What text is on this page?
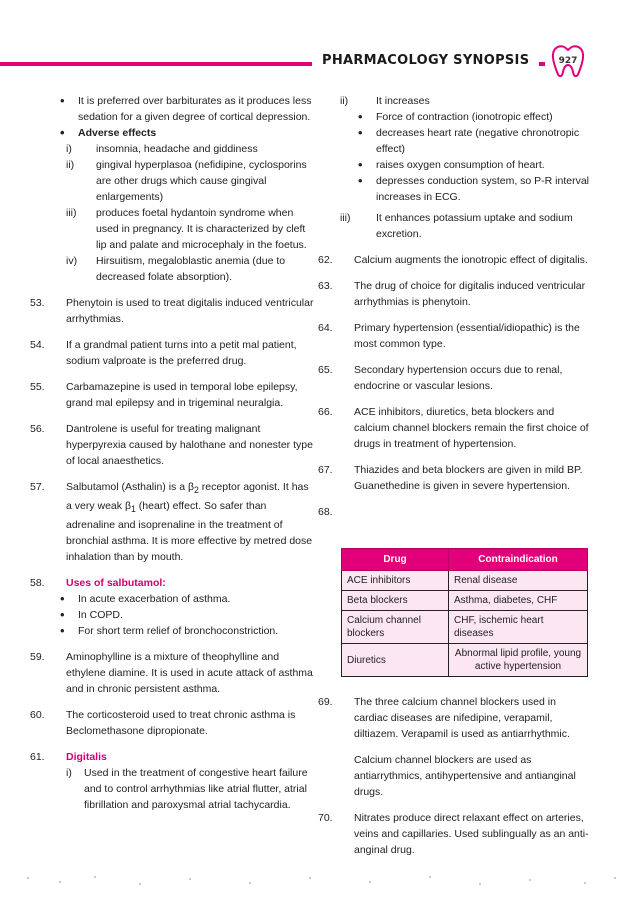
PHARMACOLOGY SYNOPSIS	927
• It is preferred over barbiturates as it produces less sedation for a given degree of cortical depression.
• Adverse effects
i) insomnia, headache and giddiness
ii) gingival hyperplasoa (nefidipine, cyclosporins are other drugs which cause gingival enlargements)
iii) produces foetal hydantoin syndrome when used in pregnancy. It is characterized by cleft lip and palate and microcephaly in the foetus.
iv) Hirsuitism, megaloblastic anemia (due to decreased folate absorption).
53.	Phenytoin is used to treat digitalis induced ventricular arrhythmias.
54.	If a grandmal patient turns into a petit mal patient, sodium valproate is the preferred drug.
55.	Carbamazepine is used in temporal lobe epilepsy, grand mal epilepsy and in trigeminal neuralgia.
56.	Dantrolene is useful for treating malignant hyperpyrexia caused by halothane and nonester type of local anaesthetics.
57.	Salbutamol (Asthalin) is a $\beta_2$ receptor agonist. It has a very weak $\beta_1$ (heart) effect. So safer than adrenaline and isoprenaline in the treatment of bronchial asthma. It is more effective by metred dose inhalation than by mouth.
58.	Uses of salbutamol:
• In acute exacerbation of asthma.
• In COPD.
• For short term relief of bronchoconstriction.
59.	Aminophylline is a mixture of theophylline and ethylene diamine. It is used in acute attack of asthma and in chronic persistent asthma.
60.	The corticosteroid used to treat chronic asthma is Beclomethasone dipropionate.
61.	Digitalis
i)	Used in the treatment of congestive heart failure and to control arrhythmias like atrial flutter, atrial fibrillation and paroxysmal atrial tachycardia.
ii)	It increases
• Force of contraction (ionotropic effect)
• decreases heart rate (negative chronotropic effect)
• raises oxygen consumption of heart.
• depresses conduction system, so P-R interval increases in ECG.
iii) It enhances potassium uptake and sodium excretion.
62.	Calcium augments the ionotropic effect of digitalis.
63.	The drug of choice for digitalis induced ventricular arrhythmias is phenytoin.
64.	Primary hypertension (essential/idiopathic) is the most common type.
65.	Secondary hypertension occurs due to renal, endocrine or vascular lesions.
66.	ACE inhibitors, diuretics, beta blockers and calcium channel blockers remain the first choice of drugs in treatment of hypertension.
67.	Thiazides and beta blockers are given in mild BP. Guanethedine is given in severe hypertension.
68.
Drug	Contraindication
ACE inhibitors	Renal disease
Beta blockers	Asthma, diabetes, CHF
Calcium channel blockers	CHF, ischemic heart diseases
Diuretics	Abnormal lipid profile, young active hypertension
69.	The three calcium channel blockers used in cardiac diseases are nifedipine, verapamil, diltiazem. Verapamil is used as antiarrhythmic.
Calcium channel blockers are used as antiarrythmics, antihypertensive and antianginal drugs.
70.	Nitrates produce direct relaxant effect on arteries, veins and capillaries. Used sublingually as an anti-anginal drug.
